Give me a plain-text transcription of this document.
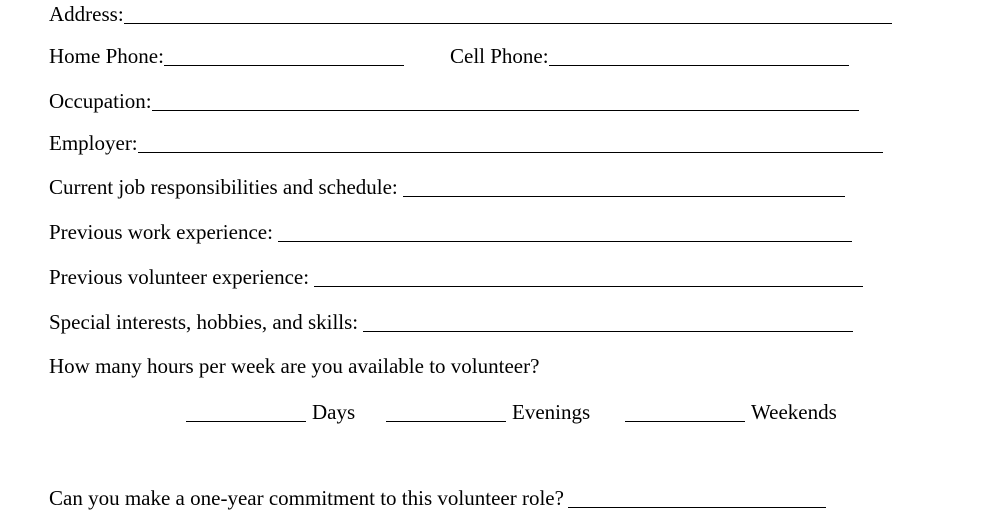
Address:
Home Phone:	Cell Phone:
Occupation:
Employer:
Current job responsibilities and schedule:
Previous work experience:
Previous volunteer experience:
Special interests, hobbies, and skills:
How many hours per week are you available to volunteer?
Days	Evenings	Weekends
Can you make a one-year commitment to this volunteer role?
